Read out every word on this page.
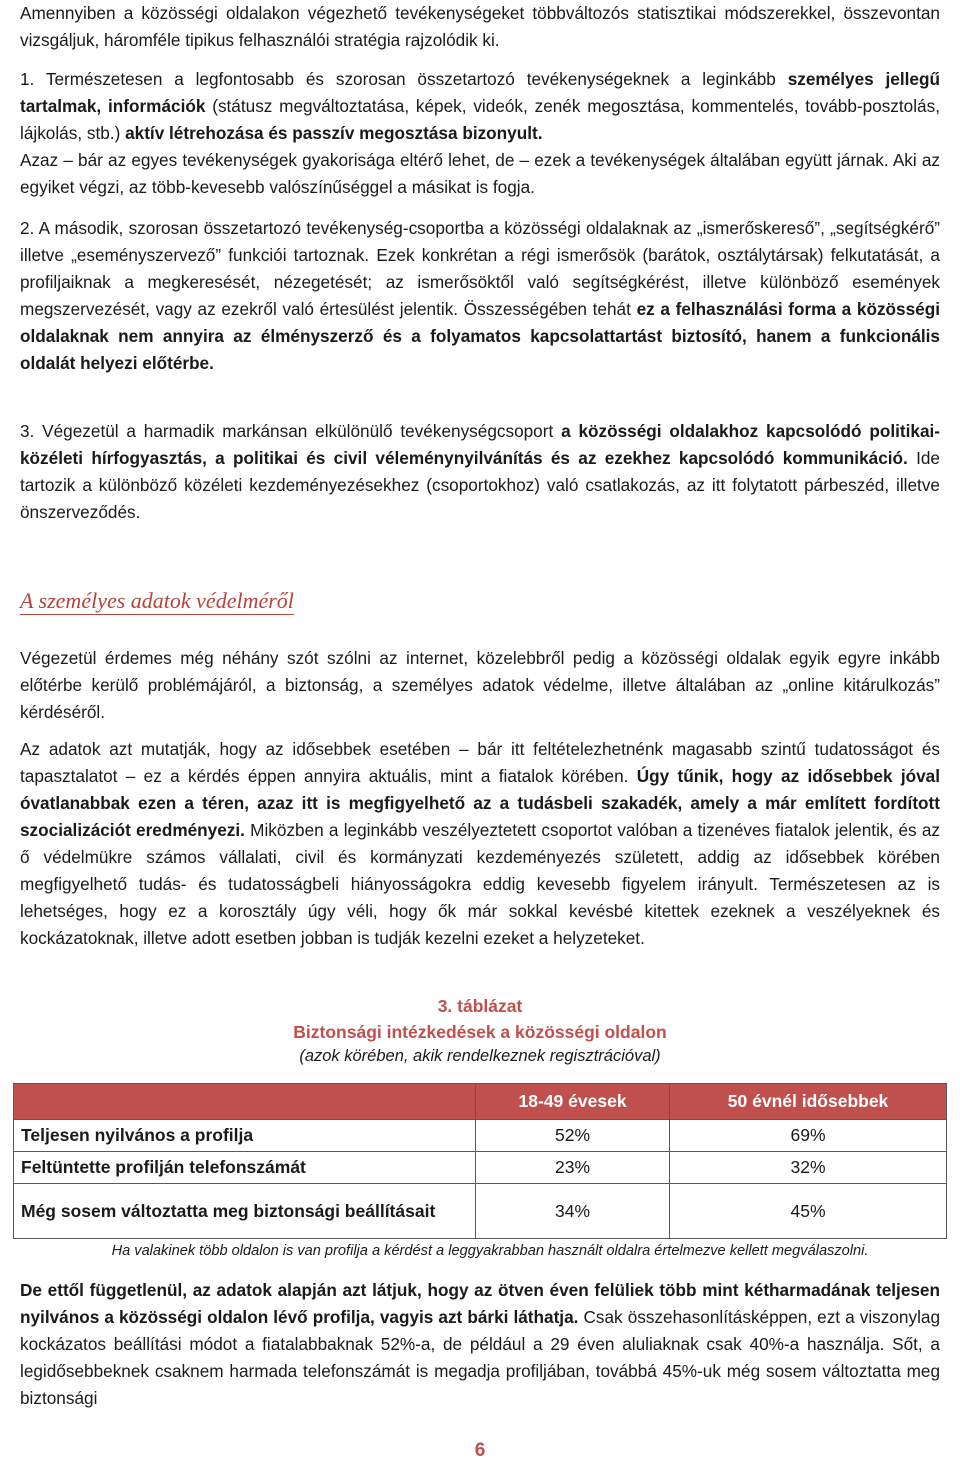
Amennyiben a közösségi oldalakon végezhető tevékenységeket többváltozós statisztikai módszerekkel, összevontan vizsgáljuk, háromféle tipikus felhasználói stratégia rajzolódik ki.

1. Természetesen a legfontosabb és szorosan összetartozó tevékenységeknek a leginkább személyes jellegű tartalmak, információk (státusz megváltoztatása, képek, videók, zenék megosztása, kommentelés, tovább-posztolás, lájkolás, stb.) aktív létrehozása és passzív megosztása bizonyult.

Azaz – bár az egyes tevékenységek gyakorisága eltérő lehet, de – ezek a tevékenységek általában együtt járnak. Aki az egyiket végzi, az több-kevesebb valószínűséggel a másikat is fogja.

2. A második, szorosan összetartozó tevékenység-csoportba a közösségi oldalaknak az „ismerőskereső”, „segítségkérő” illetve „eseményszervező” funkciói tartoznak. Ezek konkrétan a régi ismerősök (barátok, osztálytársak) felkutatását, a profiljaiknak a megkeresését, nézegetését; az ismerősöktől való segítségkérést, illetve különböző események megszervezését, vagy az ezekről való értesülést jelentik. Összességében tehát ez a felhasználási forma a közösségi oldalaknak nem annyira az élményszerző és a folyamatos kapcsolattartást biztosító, hanem a funkcionális oldalát helyezi előtérbe.

3. Végezetül a harmadik markánsan elkülönülő tevékenységcsoport a közösségi oldalakhoz kapcsolódó politikai-közéleti hírfogyasztás, a politikai és civil véleménynyilvánítás és az ezekhez kapcsolódó kommunikáció. Ide tartozik a különböző közéleti kezdeményezésekhez (csoportokhoz) való csatlakozás, az itt folytatott párbeszéd, illetve önszerveződés.

A személyes adatok védelméről

Végezetül érdemes még néhány szót szólni az internet, közelebbről pedig a közösségi oldalak egyik egyre inkább előtérbe kerülő problémájáról, a biztonság, a személyes adatok védelme, illetve általában az „online kitárulkozás” kérdéséről.

Az adatok azt mutatják, hogy az idősebbek esetében – bár itt feltételezhetnénk magasabb szintű tudatosságot és tapasztalatot – ez a kérdés éppen annyira aktuális, mint a fiatalok körében. Úgy tűnik, hogy az idősebbek jóval óvatlanabbak ezen a téren, azaz itt is megfigyelhető az a tudásbeli szakadék, amely a már említett fordított szocializációt eredményezi. Miközben a leginkább veszélyeztetett csoportot valóban a tizenéves fiatalok jelentik, és az ő védelmükre számos vállalati, civil és kormányzati kezdeményezés született, addig az idősebbek körében megfigyelhető tudás- és tudatosságbeli hiányosságokra eddig kevesebb figyelem irányult. Természetesen az is lehetséges, hogy ez a korosztály úgy véli, hogy ők már sokkal kevésbé kitettek ezeknek a veszélyeknek és kockázatoknak, illetve adott esetben jobban is tudják kezelni ezeket a helyzeteket.

3. táblázat
Biztonsági intézkedések a közösségi oldalon
(azok körében, akik rendelkeznek regisztrációval)
	18-49 évesek	50 évnél idősebbek
Teljesen nyilvános a profilja	52%	69%
Feltüntette profilján telefonszámát	23%	32%
Még sosem változtatta meg biztonsági beállításait	34%	45%
Ha valakinek több oldalon is van profilja a kérdést a leggyakrabban használt oldalra értelmezve kellett megválaszolni.

De ettől függetlenül, az adatok alapján azt látjuk, hogy az ötven éven felüliek több mint kétharmadának teljesen nyilvános a közösségi oldalon lévő profilja, vagyis azt bárki láthatja. Csak összehasonlításképpen, ezt a viszonylag kockázatos beállítási módot a fiatalabbaknak 52%-a, de például a 29 éven aluliaknak csak 40%-a használja. Sőt, a legidősebbeknek csaknem harmada telefonszámát is megadja profiljában, továbbá 45%-uk még sosem változtatta meg biztonsági

6
